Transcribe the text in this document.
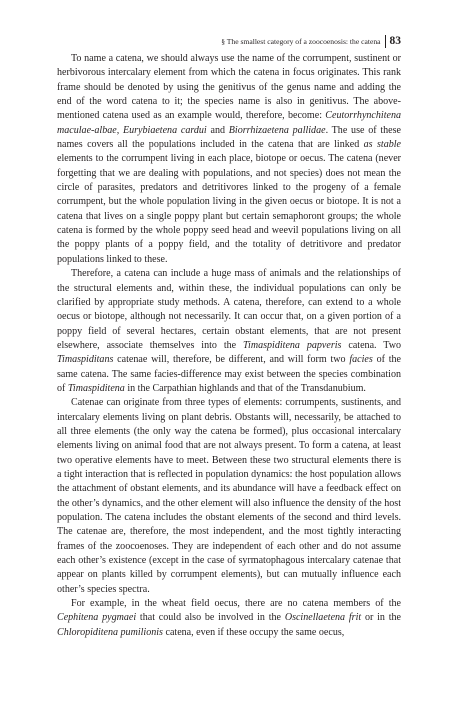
§ The smallest category of a zoocoenosis: the catena 83

To name a catena, we should always use the name of the corrumpent, sustinent or herbivorous intercalary element from which the catena in focus originates. This rank frame should be denoted by using the genitivus of the genus name and adding the end of the word catena to it; the species name is also in genitivus. The above-mentioned catena used as an example would, therefore, become: Ceutorrhynchitena maculae-albae, Eurybiaetena cardui and Biorrhizaetena pallidae. The use of these names covers all the populations included in the catena that are linked as stable elements to the corrumpent living in each place, biotope or oecus. The catena (never forgetting that we are dealing with populations, and not species) does not mean the circle of parasites, predators and detritivores linked to the progeny of a female corrumpent, but the whole population living in the given oecus or biotope. It is not a catena that lives on a single poppy plant but certain semaphoront groups; the whole catena is formed by the whole poppy seed head and weevil populations living on all the poppy plants of a poppy field, and the totality of detritivore and predator populations linked to these.

Therefore, a catena can include a huge mass of animals and the relationships of the structural elements and, within these, the individual populations can only be clarified by appropriate study methods. A catena, therefore, can extend to a whole oecus or biotope, although not necessarily. It can occur that, on a given portion of a poppy field of several hectares, certain obstant elements, that are not present elsewhere, associate themselves into the Timaspiditena papveris catena. Two Timaspiditans catenae will, therefore, be different, and will form two facies of the same catena. The same facies-difference may exist between the species combination of Timaspiditena in the Carpathian highlands and that of the Transdanubium.

Catenae can originate from three types of elements: corrumpents, sustinents, and intercalary elements living on plant debris. Obstants will, necessarily, be attached to all three elements (the only way the catena be formed), plus occasional intercalary elements living on animal food that are not always present. To form a catena, at least two operative elements have to meet. Between these two structural elements there is a tight interaction that is reflected in population dynamics: the host population allows the attachment of obstant elements, and its abundance will have a feedback effect on the other’s dynamics, and the other element will also influence the density of the host population. The catena includes the obstant elements of the second and third levels. The catenae are, therefore, the most independent, and the most tightly interacting frames of the zoocoenoses. They are independent of each other and do not assume each other’s existence (except in the case of syrmatophagous intercalary catenae that appear on plants killed by corrumpent elements), but can mutually influence each other’s species spectra.

For example, in the wheat field oecus, there are no catena members of the Cephitena pygmaei that could also be involved in the Oscinellaetena frit or in the Chloropiditena pumilionis catena, even if these occupy the same oecus,
